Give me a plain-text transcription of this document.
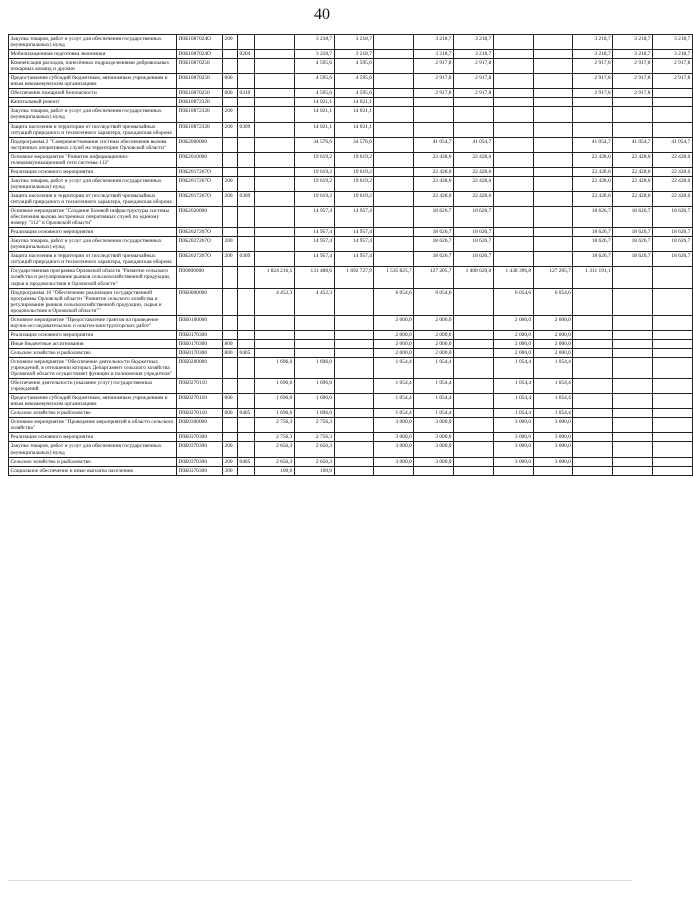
40
Закупка товаров, работ и услуг для обеспечения государственных (муниципальных) нужд	П0Б1087024О	200			3 218,7	3 218,7		3 218,7	3 218,7			3 218,7	3 218,7	3 218,7
Мобилизационная подготовка экономики	П0Б1087024О		0204		3 218,7	3 218,7		3 218,7	3 218,7			3 218,7	3 218,7	3 218,7
Компенсация расходов, понесённых подразделениями добровольных пожарных команд и дружин	П0Б10870250				4 595,6	4 595,6		2 917,8	2 917,8			2 917,8	2 917,8	2 917,8
Предоставление субсидий бюджетным, автономным учреждениям и иным некоммерческим организациям	П0Б10870250	600			4 595,6	4 595,6		2 917,8	2 917,8			2 917,8	2 917,8	2 917,8
Обеспечение пожарной безопасности	П0Б10870250	600	0310		4 595,6	4 595,6		2 917,8	2 917,8			2 917,8	2 917,8	
Капитальный ремонт	П0Б10872320				14 021,1	14 021,1								
Закупка товаров, работ и услуг для обеспечения государственных (муниципальных) нужд	П0Б10872320	200			14 021,1	14 021,1								
Защита населения и территории от последствий чрезвычайных ситуаций природного и техногенного характера, гражданская оборона	П0Б10872320	200	0309		14 021,1	14 021,1								
Подпрограмма 2 "Совершенствование системы обеспечения вызова экстренных оперативных служб на территории Орловской области"	П0Б2000000				34 576,6	34 576,6		41 054,7	41 054,7			41 054,7	41 054,7	41 054,7
Основное мероприятие "Развитие информационно-телекоммуникационной сети системы-112"	П0Б2010000				19 619,2	19 619,2		22 428,0	22 428,0			22 428,0	22 428,0	22 428,0
Реализация основного мероприятия	П0Б2017267О				19 619,2	19 619,2		22 428,0	22 428,0			22 428,0	22 428,0	22 428,0
Закупка товаров, работ и услуг для обеспечения государственных (муниципальных) нужд	П0Б2017267О	200			19 619,2	19 619,2		22 428,0	22 428,0			22 428,0	22 428,0	22 428,0
Защита населения и территории от последствий чрезвычайных ситуаций природного и техногенного характера, гражданская оборона	П0Б2017267О	200	0309		19 619,2	19 619,2		22 428,0	22 428,0			22 428,0	22 428,0	22 428,0
Основное мероприятие "Создание базовой инфраструктуры системы обеспечения вызова экстренных оперативных служб по единому номеру "112" в Орловской области"	П0Б2020000				14 957,4	14 957,4		18 626,7	18 626,7			18 626,7	18 626,7	18 626,7
Реализация основного мероприятия	П0Б2027267О				14 957,4	14 957,4		18 626,7	18 626,7			18 626,7	18 626,7	18 626,7
Закупка товаров, работ и услуг для обеспечения государственных (муниципальных) нужд	П0Б2027267О	200			14 957,4	14 957,4		18 626,7	18 626,7			18 626,7	18 626,7	18 626,7
Защита населения и территории от последствий чрезвычайных ситуаций природного и техногенного характера, гражданская оборона	П0Б2027267О	200	0309		14 957,4	14 957,4		18 626,7	18 626,7			18 626,7	18 626,7	18 626,7
Государственная программа Орловской области "Развитие сельского хозяйства и регулирование рынков сельскохозяйственной продукции, сырья и продовольствия в Орловской области"	П00000000			1 824 216,5	131 488,6	1 692 727,9	1 535 825,7	127 205,7	1 408 620,0	1 438 396,8	127 205,7	1 311 191,1		
Подпрограмма 10 "Обеспечение реализации государственной программы Орловской области "Развитие сельского хозяйства и регулирование рынков сельскохозяйственной продукции, сырья и продовольствия в Орловской области""	П0Б0000000			4 452,3	4 452,3		6 054,6	6 054,6		6 054,6	6 054,6			
Основное мероприятие "Предоставление грантов на проведение научно-исследовательских и опытно-конструкторских работ"	П0Б0100000						2 000,0	2 000,0		2 000,0	2 000,0			
Реализация основного мероприятия	П0Б0170300						2 000,0	2 000,0		2 000,0	2 000,0			
Иные бюджетные ассигнования	П0Б0170300	800					2 000,0	2 000,0		2 000,0	2 000,0			
Сельское хозяйство и рыболовство	П0Б0170300	800	0405				2 000,0	2 000,0		2 000,0	2 000,0			
Основное мероприятие "Обеспечение деятельности бюджетных учреждений, в отношении которых Департамент сельского хозяйства Орловской области осуществляет функции и полномочия учредителя"	П0Б0200000			1 696,0	1 696,0		1 054,4	1 054,4		1 054,4	1 054,4			
Обеспечение деятельности (оказание услуг) государственных учреждений	П0Б0270110			1 696,0	1 696,0		1 054,4	1 054,4		1 054,4	1 054,4			
Предоставление субсидий бюджетным, автономным учреждениям и иным некоммерческим организациям	П0Б0270110	600		1 696,0	1 696,0		1 054,4	1 054,4		1 054,4	1 054,4			
Сельское хозяйство и рыболовство	П0Б0270110	600	0405	1 696,0	1 696,0		1 054,4	1 054,4		1 054,4	1 054,4			
Основное мероприятие "Проведение мероприятий в области сельского хозяйства"	П0Б0300000			2 756,3	2 756,3		3 000,0	3 000,0		3 000,0	3 000,0			
Реализация основного мероприятия	П0Б0370300			2 756,3	2 756,3		3 000,0	3 000,0		3 000,0	3 000,0			
Закупка товаров, работ и услуг для обеспечения государственных (муниципальных) нужд	П0Б0370300	200		2 656,3	2 656,3		3 000,0	3 000,0		3 000,0	3 000,0			
Сельское хозяйство и рыболовство	П0Б0370300	200	0405	2 656,3	2 656,3		3 000,0	3 000,0		3 000,0	3 000,0			
Социальное обеспечение и иные выплаты населению	П0Б0370300	300		100,0	100,0									
